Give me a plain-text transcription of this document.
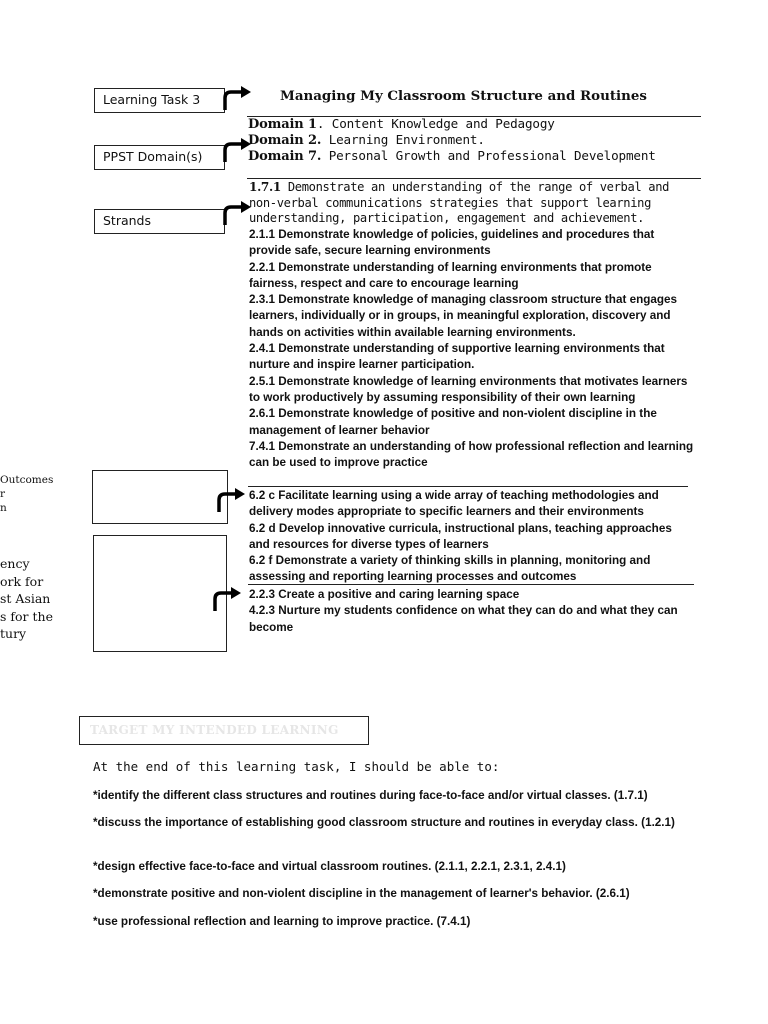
Learning Task 3
PPST Domain(s)
Strands
Managing My Classroom Structure and Routines
Domain 1. Content Knowledge and Pedagogy
Domain 2. Learning Environment.
Domain 7. Personal Growth and Professional Development
1.7.1 Demonstrate an understanding of the range of verbal and non-verbal communications strategies that support learning understanding, participation, engagement and achievement.

2.1.1 Demonstrate knowledge of policies, guidelines and procedures that provide safe, secure learning environments

2.2.1 Demonstrate understanding of learning environments that promote fairness, respect and care to encourage learning

2.3.1 Demonstrate knowledge of managing classroom structure that engages learners, individually or in groups, in meaningful exploration, discovery and hands on activities within available learning environments.

2.4.1 Demonstrate understanding of supportive learning environments that nurture and inspire learner participation.

2.5.1 Demonstrate knowledge of learning environments that motivates learners to work productively by assuming responsibility of their own learning

2.6.1 Demonstrate knowledge of positive and non-violent discipline in the management of learner behavior

7.4.1 Demonstrate an understanding of how professional reflection and learning can be used to improve practice

6.2 c Facilitate learning using a wide array of teaching methodologies and delivery modes appropriate to specific learners and their environments

6.2 d Develop innovative curricula, instructional plans, teaching approaches and resources for diverse types of learners

6.2 f Demonstrate a variety of thinking skills in planning, monitoring and assessing and reporting learning processes and outcomes

2.2.3 Create a positive and caring learning space

4.2.3 Nurture my students confidence on what they can do and what they can become

Outcomes
r
n
ency
ork for
st Asian
s for the
tury
TARGET MY INTENDED LEARNING
At the end of this learning task, I should be able to:
*identify the different class structures and routines during face-to-face and/or virtual classes. (1.7.1)
*discuss the importance of establishing good classroom structure and routines in everyday class. (1.2.1)
*design effective face-to-face and virtual classroom routines. (2.1.1, 2.2.1, 2.3.1, 2.4.1)
*demonstrate positive and non-violent discipline in the management of learner's behavior. (2.6.1)
*use professional reflection and learning to improve practice. (7.4.1)
